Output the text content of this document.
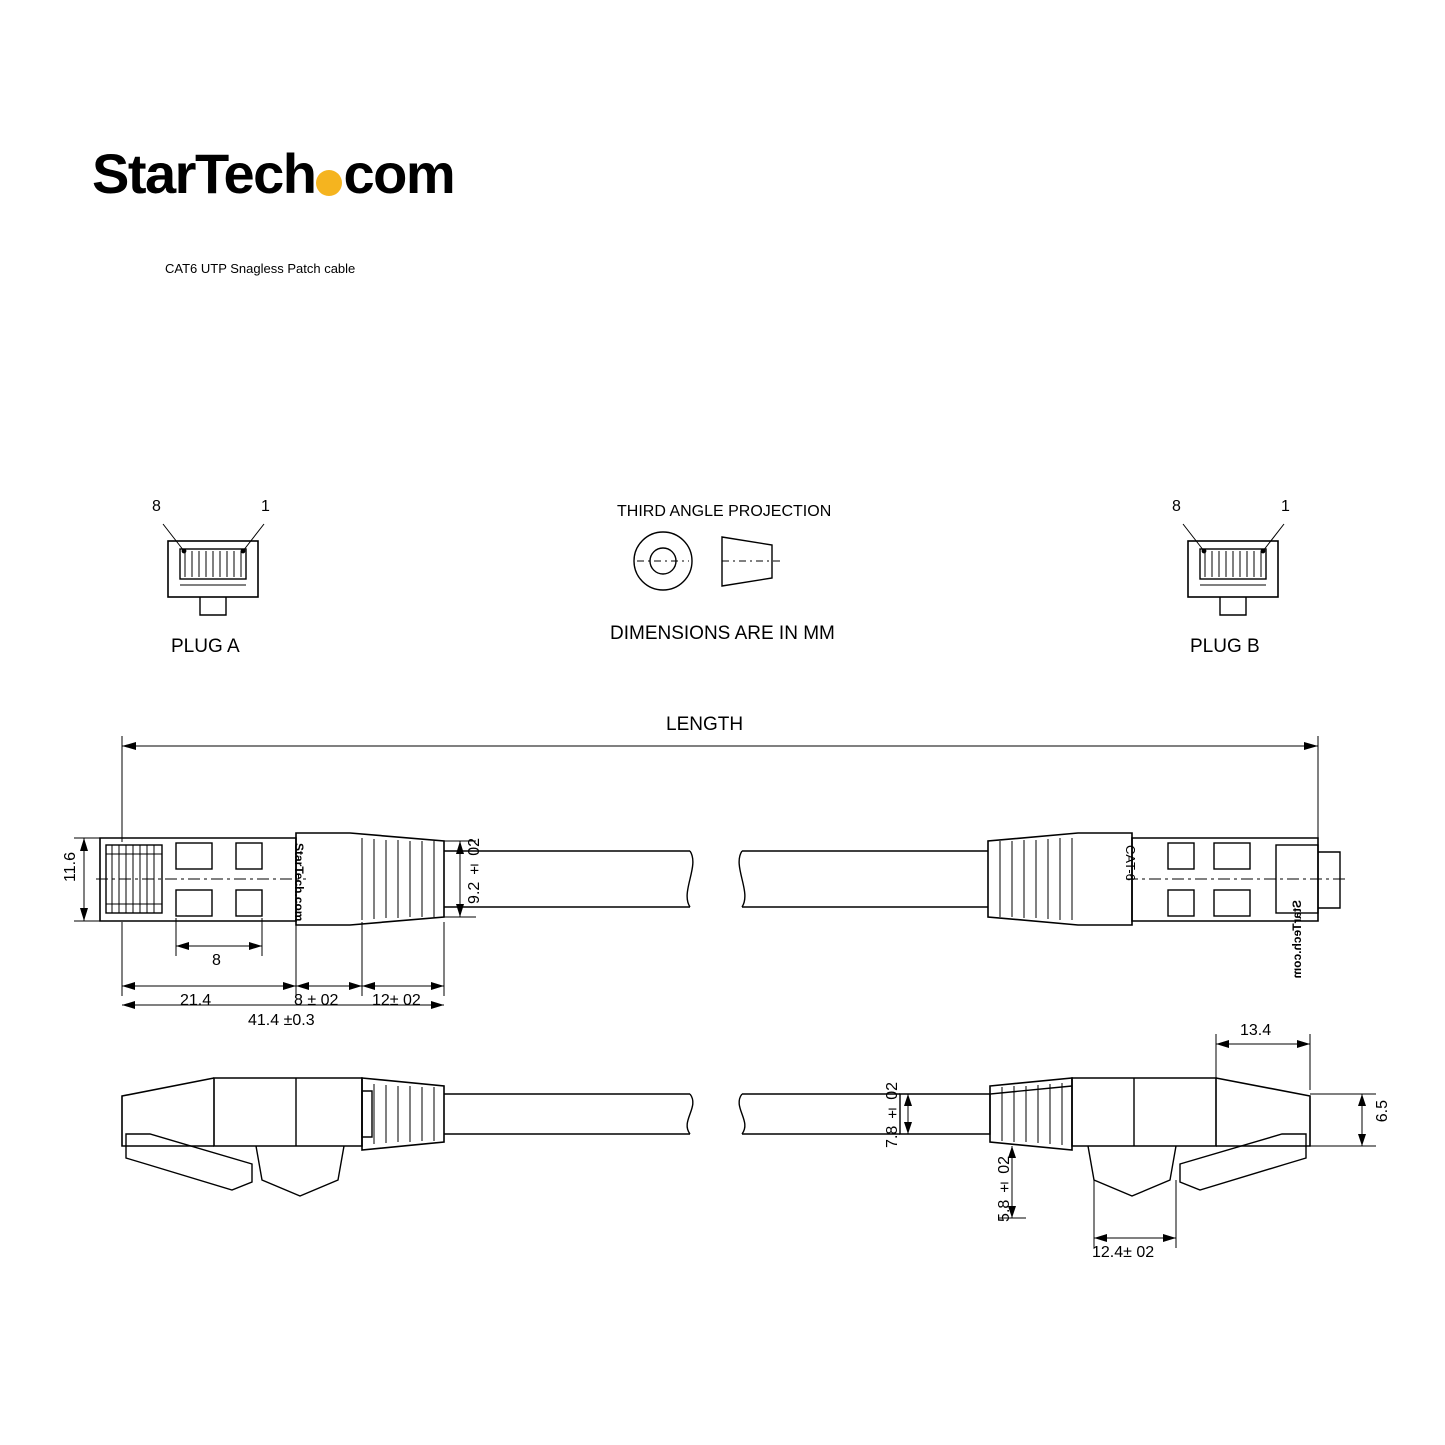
StarTech com
CAT6 UTP Snagless Patch cable
8	1
PLUG A
8	1
PLUG B
THIRD ANGLE PROJECTION
DIMENSIONS ARE IN MM
LENGTH
11.6	9.2 ± 02
StarTech.com	CAT-6
StarTech.com
8
21.4	8 ± 02 12± 02
41.4 ±0.3
13.4
7.8 ± 02	6.5
5.8 ± 02
12.4± 02
